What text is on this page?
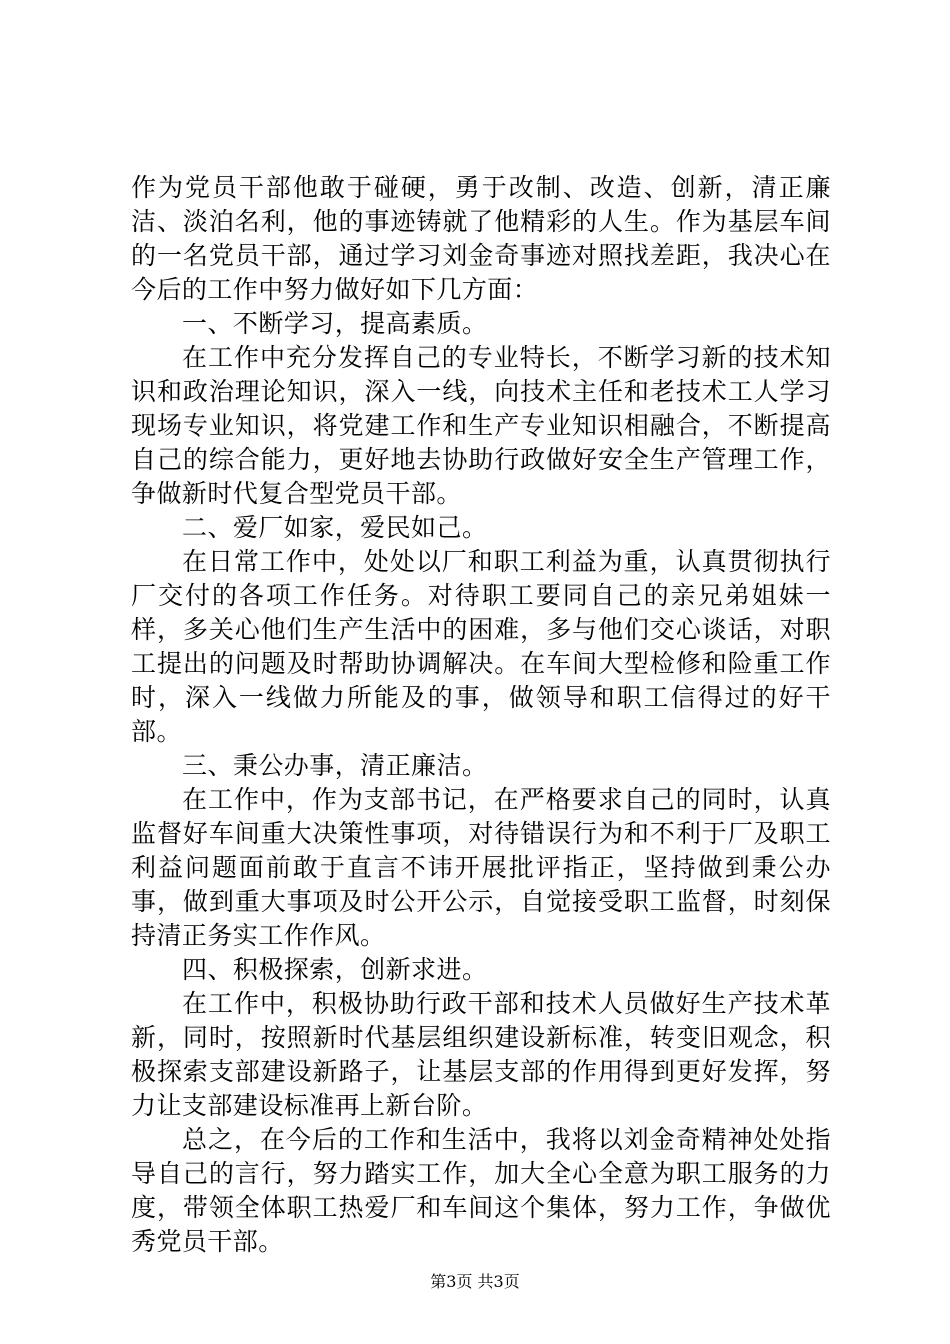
作为党员干部他敢于碰硬，勇于改制、改造、创新，清正廉洁、淡泊名利，他的事迹铸就了他精彩的人生。作为基层车间的一名党员干部，通过学习刘金奇事迹对照找差距，我决心在今后的工作中努力做好如下几方面：

一、不断学习，提高素质。

在工作中充分发挥自己的专业特长，不断学习新的技术知识和政治理论知识，深入一线，向技术主任和老技术工人学习现场专业知识，将党建工作和生产专业知识相融合，不断提高自己的综合能力，更好地去协助行政做好安全生产管理工作，争做新时代复合型党员干部。

二、爱厂如家，爱民如己。

在日常工作中，处处以厂和职工利益为重，认真贯彻执行厂交付的各项工作任务。对待职工要同自己的亲兄弟姐妹一样，多关心他们生产生活中的困难，多与他们交心谈话，对职工提出的问题及时帮助协调解决。在车间大型检修和险重工作时，深入一线做力所能及的事，做领导和职工信得过的好干部。

三、秉公办事，清正廉洁。

在工作中，作为支部书记，在严格要求自己的同时，认真监督好车间重大决策性事项，对待错误行为和不利于厂及职工利益问题面前敢于直言不讳开展批评指正，坚持做到秉公办事，做到重大事项及时公开公示，自觉接受职工监督，时刻保持清正务实工作作风。

四、积极探索，创新求进。

在工作中，积极协助行政干部和技术人员做好生产技术革新，同时，按照新时代基层组织建设新标准，转变旧观念，积极探索支部建设新路子，让基层支部的作用得到更好发挥，努力让支部建设标准再上新台阶。

总之，在今后的工作和生活中，我将以刘金奇精神处处指导自己的言行，努力踏实工作，加大全心全意为职工服务的力度，带领全体职工热爱厂和车间这个集体，努力工作，争做优秀党员干部。

第3页 共3页
